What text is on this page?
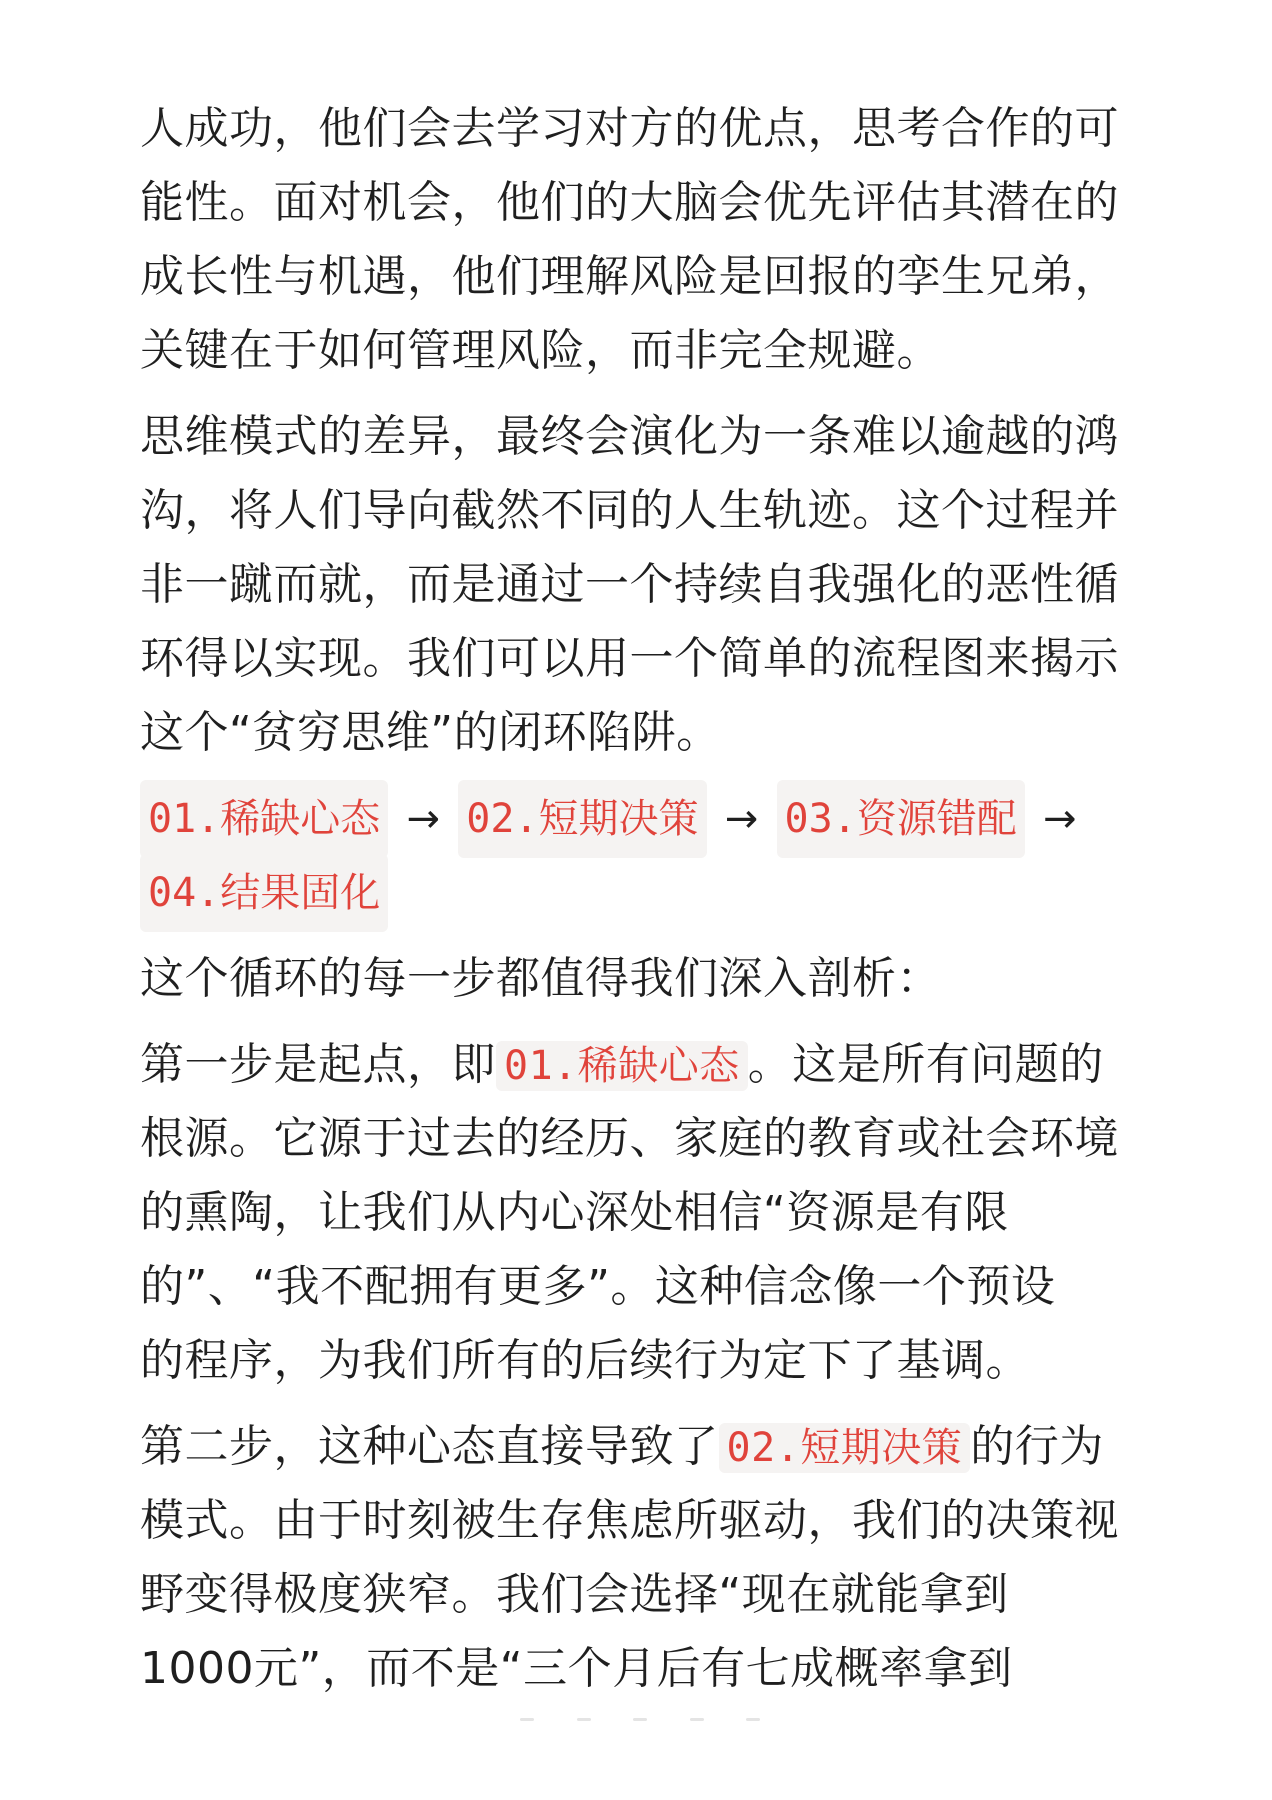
人成功，他们会去学习对方的优点，思考合作的可
能性。面对机会，他们的大脑会优先评估其潜在的
成长性与机遇，他们理解风险是回报的孪生兄弟，
关键在于如何管理风险，而非完全规避。

思维模式的差异，最终会演化为一条难以逾越的鸿
沟，将人们导向截然不同的人生轨迹。这个过程并
非一蹴而就，而是通过一个持续自我强化的恶性循
环得以实现。我们可以用一个简单的流程图来揭示
这个“贫穷思维”的闭环陷阱。

01.稀缺心态 → 02.短期决策 → 03.资源错配 →
04.结果固化

这个循环的每一步都值得我们深入剖析：

第一步是起点，即 01.稀缺心态 。这是所有问题的
根源。它源于过去的经历、家庭的教育或社会环境
的熏陶，让我们从内心深处相信“资源是有限
的”、“我不配拥有更多”。这种信念像一个预设
的程序，为我们所有的后续行为定下了基调。

第二步，这种心态直接导致了 02.短期决策 的行为
模式。由于时刻被生存焦虑所驱动，我们的决策视
野变得极度狭窄。我们会选择“现在就能拿到
1000元”，而不是“三个月后有七成概率拿到
